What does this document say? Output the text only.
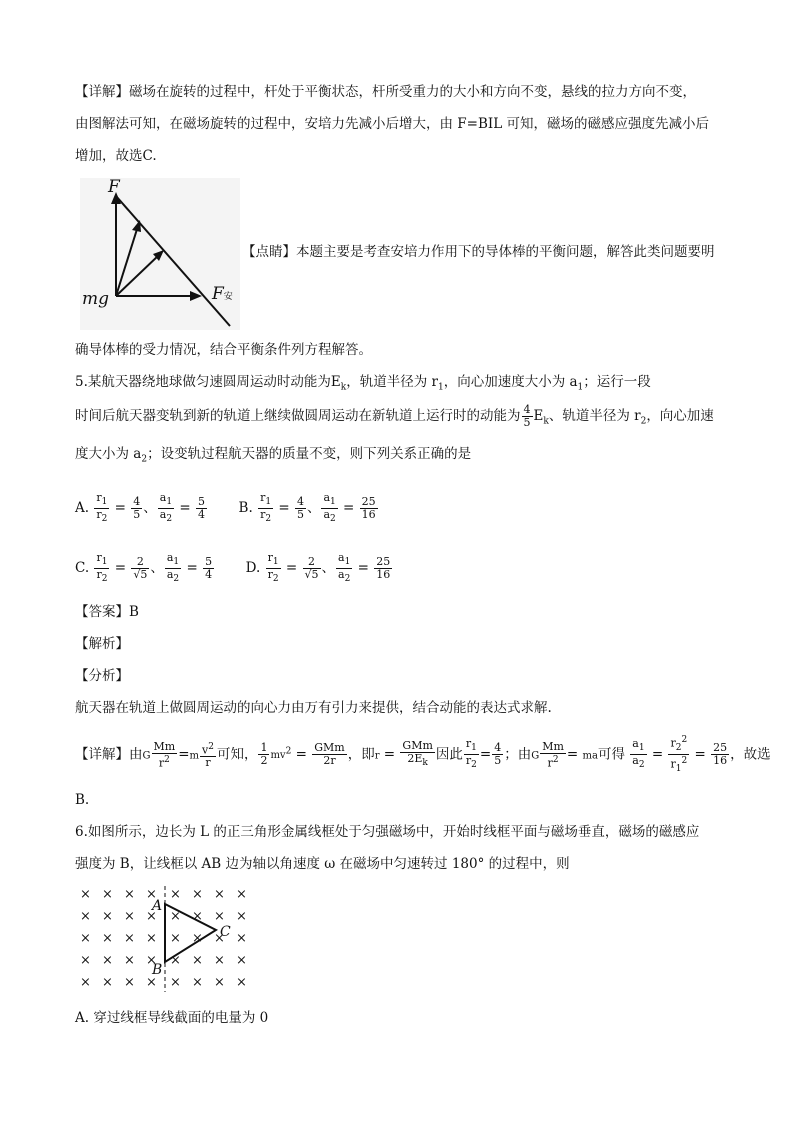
【详解】磁场在旋转的过程中，杆处于平衡状态，杆所受重力的大小和方向不变，悬线的拉力方向不变，
由图解法可知，在磁场旋转的过程中，安培力先减小后增大，由 F=BIL 可知，磁场的磁感应强度先减小后
增加，故选C.
F
mg	F安
【点睛】本题主要是考查安培力作用下的导体棒的平衡问题，解答此类问题要明
确导体棒的受力情况，结合平衡条件列方程解答。
5.某航天器绕地球做匀速圆周运动时动能为$E_k$，轨道半径为 $r_1$，向心加速度大小为 $a_1$；运行一段
时间后航天器变轨到新的轨道上继续做圆周运动在新轨道上运行时的动能为 $\frac{4}{5} E_k$、轨道半径为 $r_2$，向心加速
度大小为 $a_2$；设变轨过程航天器的质量不变，则下列关系正确的是
A. $\frac{r_1}{r_2} = \frac{4}{5}$ 、 $\frac{a_1}{a_2} = \frac{5}{4} B$. $\frac{r_1}{r_2} = \frac{4}{5}$ 、 $\frac{a_1}{a_2} = \frac{25}{16}$
C. $\frac{r_1}{r_2} = \frac{2}{√5}$ 、 $\frac{a_1}{a_2} = \frac{5}{4} D$. $\frac{r_1}{r_2} = \frac{2}{√5}$ 、 $\frac{a_1}{a_2} = \frac{25}{16}$
【答案】B
【解析】
【分析】
航天器在轨道上做圆周运动的向心力由万有引力来提供，结合动能的表达式求解.
【详解】由G $\frac{Mm}{r^2} =m \frac{v^2}{r}$ 可知， $\frac{1}{2} mv^2 = \frac{\text{GMm}}{2r}$ ，即$r = \frac{\text{GMm}}{2E_k}$ 因此 $\frac{r_1}{r_2} = \frac{4}{5}$ ；由G $\frac{Mm}{r^2}$ = ma可得 $\frac{a_1}{a_2} = \frac{r_2^2}{r_1^2} = \frac{25}{16}$ ，故选
B.
6.如图所示，边长为 L 的正三角形金属线框处于匀强磁场中，开始时线框平面与磁场垂直，磁场的磁感应
强度为 B，让线框以 AB 边为轴以角速度 ω 在磁场中匀速转过 180° 的过程中，则
× × × × × × × ×
× × × × × × × ×
× × × × × × × ×
× × × × × × × ×
× × × × × × × ×
A
B
C
A. 穿过线框导线截面的电量为 0
